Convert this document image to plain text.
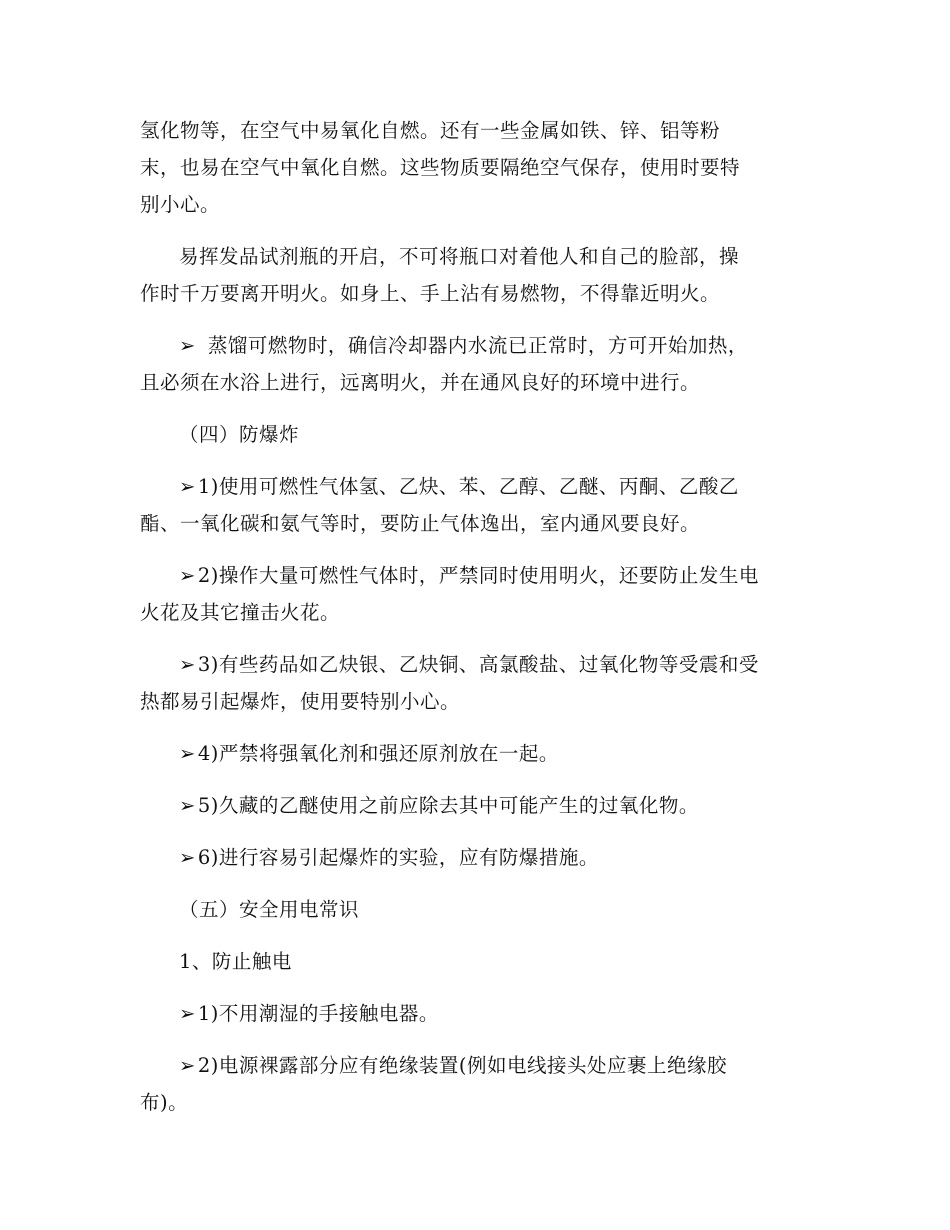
氢化物等，在空气中易氧化自燃。还有一些金属如铁、锌、铝等粉
末，也易在空气中氧化自燃。这些物质要隔绝空气保存，使用时要特
别小心。

易挥发品试剂瓶的开启，不可将瓶口对着他人和自己的脸部，操
作时千万要离开明火。如身上、手上沾有易燃物，不得靠近明火。

➢ 蒸馏可燃物时，确信冷却器内水流已正常时，方可开始加热，
且必须在水浴上进行，远离明火，并在通风良好的环境中进行。

（四）防爆炸

➢ 1)使用可燃性气体氢、乙炔、苯、乙醇、乙醚、丙酮、乙酸乙
酯、一氧化碳和氨气等时，要防止气体逸出，室内通风要良好。

➢ 2)操作大量可燃性气体时，严禁同时使用明火，还要防止发生电
火花及其它撞击火花。

➢ 3)有些药品如乙炔银、乙炔铜、高氯酸盐、过氧化物等受震和受
热都易引起爆炸，使用要特别小心。

➢ 4)严禁将强氧化剂和强还原剂放在一起。

➢ 5)久藏的乙醚使用之前应除去其中可能产生的过氧化物。

➢ 6)进行容易引起爆炸的实验，应有防爆措施。

（五）安全用电常识

1、防止触电

➢ 1)不用潮湿的手接触电器。

➢ 2)电源裸露部分应有绝缘装置(例如电线接头处应裹上绝缘胶
布)。
